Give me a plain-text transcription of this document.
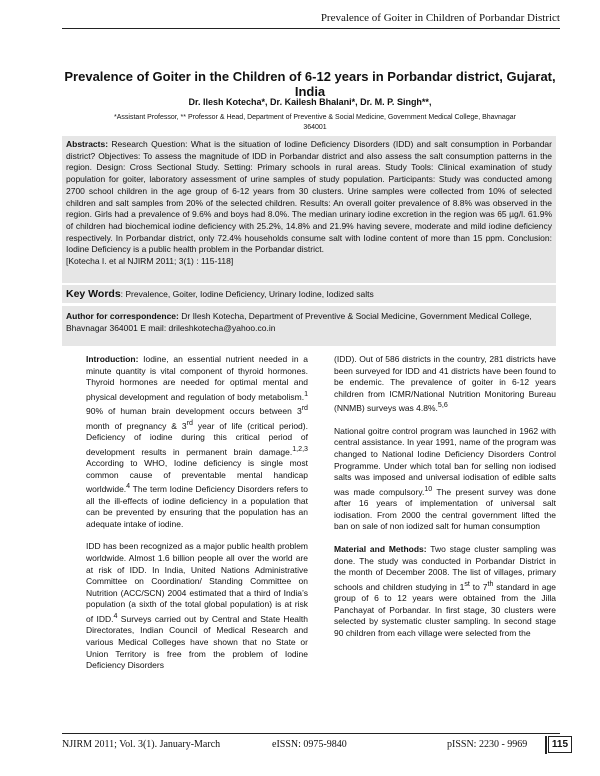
Prevalence of Goiter in Children of Porbandar District
Prevalence of Goiter in the Children of 6-12 years in Porbandar district, Gujarat, India
Dr. Ilesh Kotecha*, Dr. Kailesh Bhalani*, Dr. M. P. Singh**,
*Assistant Professor, ** Professor & Head, Department of Preventive & Social Medicine, Government Medical College, Bhavnagar 364001

Abstracts: Research Question: What is the situation of Iodine Deficiency Disorders (IDD) and salt consumption in Porbandar district? Objectives: To assess the magnitude of IDD in Porbandar district and also assess the salt consumption patterns in the region. Design: Cross Sectional Study. Setting: Primary schools in rural areas. Study Tools: Clinical examination of study population for goiter, laboratory assessment of urine samples of study population. Participants: Study was conducted among 2700 school children in the age group of 6-12 years from 30 clusters. Urine samples were collected from 10% of selected children and salt samples from 20% of the selected children. Results: An overall goiter prevalence of 8.8% was observed in the region. Girls had a prevalence of 9.6% and boys had 8.0%. The median urinary iodine excretion in the region was 65 µg/l. 61.9% of children had biochemical iodine deficiency with 25.2%, 14.8% and 21.9% having severe, moderate and mild iodine deficiency respectively. In Porbandar district, only 72.4% households consume salt with Iodine content of more than 15 ppm. Conclusion: Iodine Deficiency is a public health problem in the Porbandar district.

[Kotecha I. et al NJIRM 2011; 3(1) : 115-118]

Key Words: Prevalence, Goiter, Iodine Deficiency, Urinary Iodine, Iodized salts
Author for correspondence: Dr Ilesh Kotecha, Department of Preventive & Social Medicine, Government Medical College, Bhavnagar 364001 E mail: drileshkotecha@yahoo.co.in

Introduction: Iodine, an essential nutrient needed in a minute quantity is vital component of thyroid hormones. Thyroid hormones are needed for optimal mental and physical development and regulation of body metabolism.$^1$ 90% of human brain development occurs between 3rd month of pregnancy & 3rd year of life (critical period). Deficiency of iodine during this critical period of development results in permanent brain damage.$^{1,2,3}$ According to WHO, Iodine deficiency is single most common cause of preventable mental handicap worldwide.$^4$ The term Iodine Deficiency Disorders refers to all the ill-effects of iodine deficiency in a population that can be prevented by ensuring that the population has an adequate intake of iodine.

IDD has been recognized as a major public health problem worldwide. Almost 1.6 billion people all over the world are at risk of IDD. In India, United Nations Administrative Committee on Coordination/ Standing Committee on Nutrition (ACC/SCN) 2004 estimated that a third of India’s population (a sixth of the total global population) is at risk of IDD.$^4$ Surveys carried out by Central and State Health Directorates, Indian Council of Medical Research and various Medical Colleges have shown that no State or Union Territory is free from the problem of Iodine Deficiency Disorders

(IDD). Out of 586 districts in the country, 281 districts have been surveyed for IDD and 41 districts have been found to be endemic. The prevalence of goiter in 6-12 years children from ICMR/National Nutrition Monitoring Bureau (NNMB) surveys was 4.8%.$^{5,6}$

National goitre control program was launched in 1962 with central assistance. In year 1991, name of the program was changed to National Iodine Deficiency Disorders Control Programme. Under which total ban for selling non iodised salts was imposed and universal iodisation of edible salts was made compulsory.$^{10}$ The present survey was done after 16 years of implementation of universal salt iodisation. From 2000 the central government lifted the ban on sale of non iodized salt for human consumption

Material and Methods: Two stage cluster sampling was done. The study was conducted in Porbandar District in the month of December 2008. The list of villages, primary schools and children studying in 1st to 7th standard in age group of 6 to 12 years were obtained from the Jilla Panchayat of Porbandar. In first stage, 30 clusters were selected by systematic cluster sampling. In second stage 90 children from each village were selected from the

NJIRM 2011; Vol. 3(1). January-March	eISSN: 0975-9840	pISSN: 2230 - 9969	115
